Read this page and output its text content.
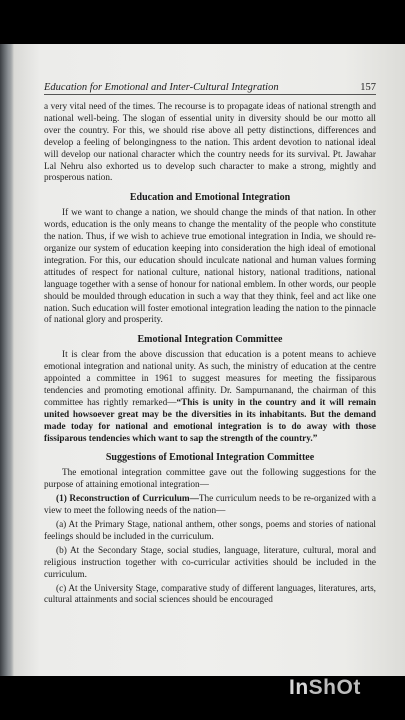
Education for Emotional and Inter-Cultural Integration	157

a very vital need of the times. The recourse is to propagate ideas of national strength and national well-being. The slogan of essential unity in diversity should be our motto all over the country. For this, we should rise above all petty distinctions, differences and develop a feeling of belongingness to the nation. This ardent devotion to national ideal will develop our national character which the country needs for its survival. Pt. Jawahar Lal Nehru also exhorted us to develop such character to make a strong, mightly and prosperous nation.

Education and Emotional Integration

If we want to change a nation, we should change the minds of that nation. In other words, education is the only means to change the mentality of the people who constitute the nation. Thus, if we wish to achieve true emotional integration in India, we should re-organize our system of education keeping into consideration the high ideal of emotional integration. For this, our education should inculcate national and human values forming attitudes of respect for national culture, national history, national traditions, national language together with a sense of honour for national emblem. In other words, our people should be moulded through education in such a way that they think, feel and act like one nation. Such education will foster emotional integration leading the nation to the pinnacle of national glory and prosperity.

Emotional Integration Committee

It is clear from the above discussion that education is a potent means to achieve emotional integration and national unity. As such, the ministry of education at the centre appointed a committee in 1961 to suggest measures for meeting the fissiparous tendencies and promoting emotional affinity. Dr. Sampurnanand, the chairman of this committee has rightly remarked—“This is unity in the country and it will remain united howsoever great may be the diversities in its inhabitants. But the demand made today for national and emotional integration is to do away with those fissiparous tendencies which want to sap the strength of the country.”

Suggestions of Emotional Integration Committee

The emotional integration committee gave out the following suggestions for the purpose of attaining emotional integration—

(1) Reconstruction of Curriculum—The curriculum needs to be re-organized with a view to meet the following needs of the nation—

(a) At the Primary Stage, national anthem, other songs, poems and stories of national feelings should be included in the curriculum.

(b) At the Secondary Stage, social studies, language, literature, cultural, moral and religious instruction together with co-curricular activities should be included in the curriculum.

(c) At the University Stage, comparative study of different languages, literatures, arts, cultural attainments and social sciences should be encouraged

InShOt
